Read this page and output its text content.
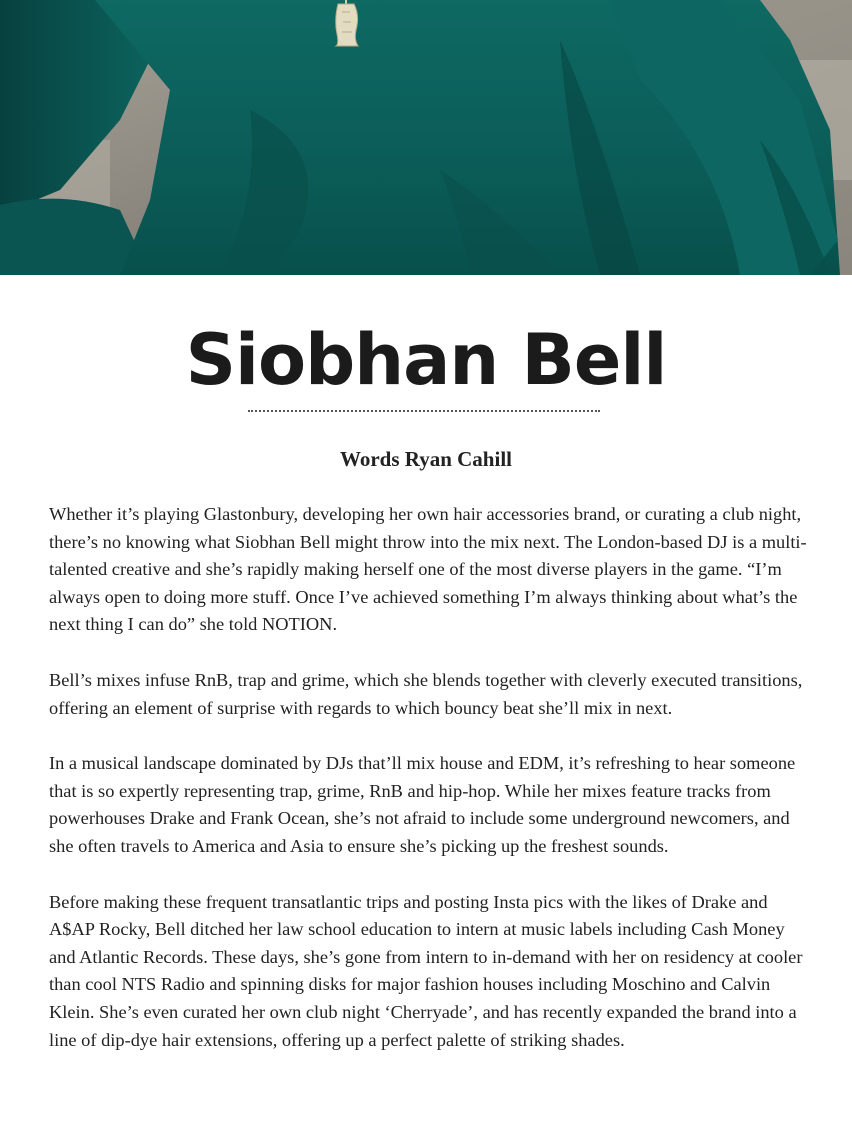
Siobhan Bell

Words Ryan Cahill

Whether it’s playing Glastonbury, developing her own hair accessories brand, or curating a club night, there’s no knowing what Siobhan Bell might throw into the mix next. The London-based DJ is a multi-talented creative and she’s rapidly making herself one of the most diverse players in the game. “I’m always open to doing more stuff. Once I’ve achieved something I’m always thinking about what’s the next thing I can do” she told NOTION.

Bell’s mixes infuse RnB, trap and grime, which she blends together with cleverly executed transitions, offering an element of surprise with regards to which bouncy beat she’ll mix in next.

In a musical landscape dominated by DJs that’ll mix house and EDM, it’s refreshing to hear someone that is so expertly representing trap, grime, RnB and hip-hop. While her mixes feature tracks from powerhouses Drake and Frank Ocean, she’s not afraid to include some underground newcomers, and she often travels to America and Asia to ensure she’s picking up the freshest sounds.

Before making these frequent transatlantic trips and posting Insta pics with the likes of Drake and A$AP Rocky, Bell ditched her law school education to intern at music labels including Cash Money and Atlantic Records. These days, she’s gone from intern to in-demand with her on residency at cooler than cool NTS Radio and spinning disks for major fashion houses including Moschino and Calvin Klein. She’s even curated her own club night ‘Cherryade’, and has recently expanded the brand into a line of dip-dye hair extensions, offering up a perfect palette of striking shades.
